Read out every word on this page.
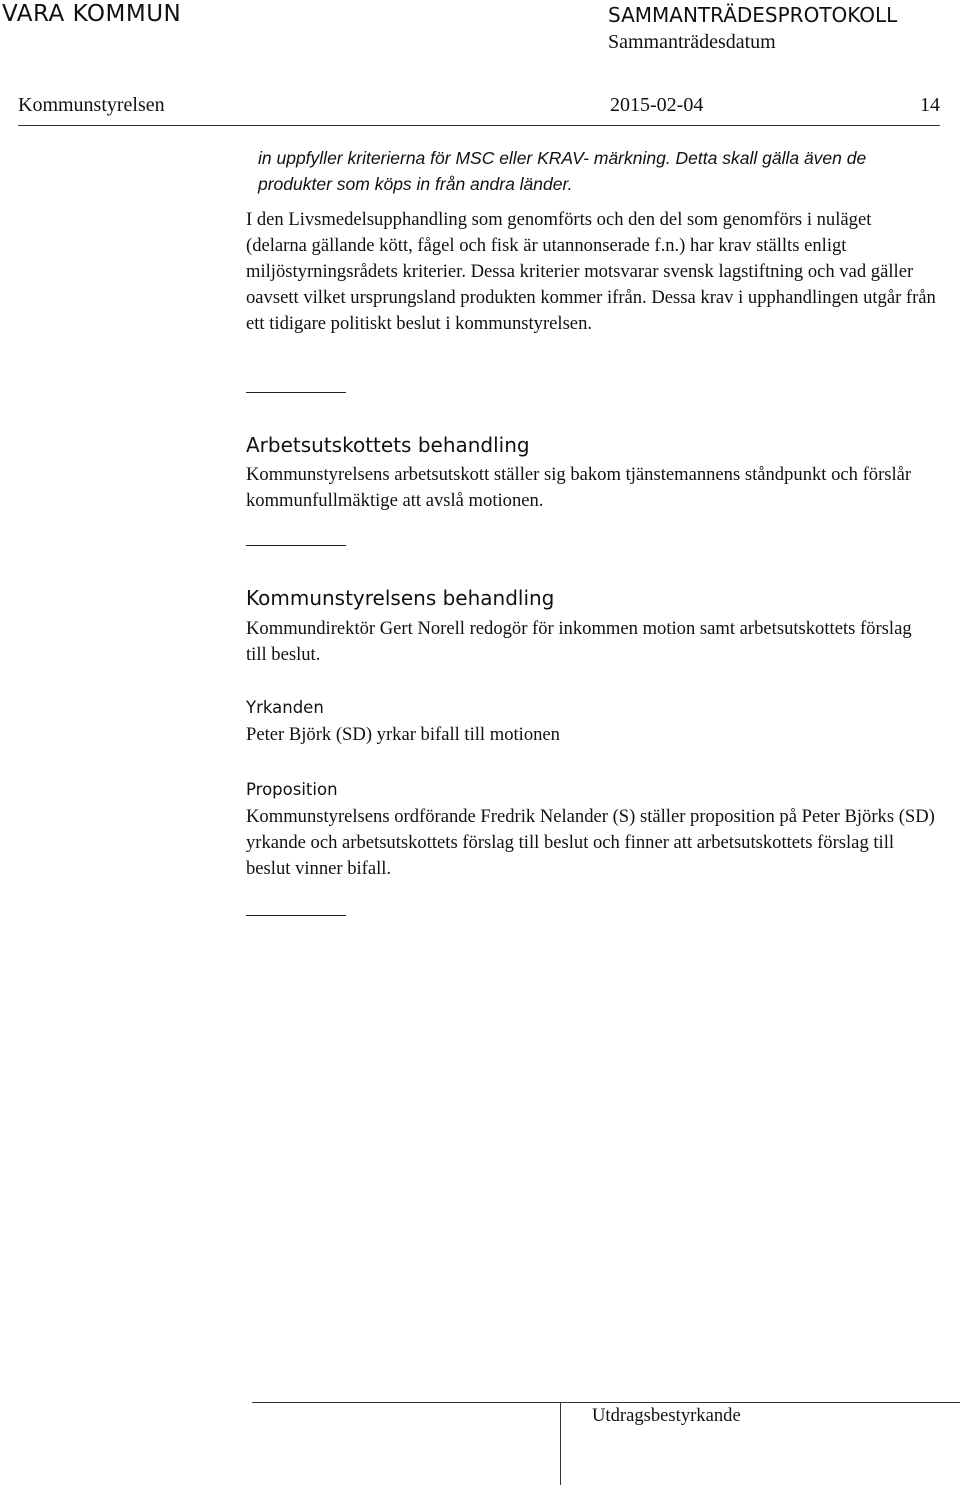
VARA KOMMUN	SAMMANTRÄDESPROTOKOLL
Sammanträdesdatum
Kommunstyrelsen	2015-02-04	14
in uppfyller kriterierna för MSC eller KRAV- märkning. Detta skall gälla även de produkter som köps in från andra länder.
I den Livsmedelsupphandling som genomförts och den del som genomförs i nuläget (delarna gällande kött, fågel och fisk är utannonserade f.n.) har krav ställts enligt miljöstyrningsrådets kriterier. Dessa kriterier motsvarar svensk lagstiftning och vad gäller oavsett vilket ursprungsland produkten kommer ifrån. Dessa krav i upphandlingen utgår från ett tidigare politiskt beslut i kommunstyrelsen.
Arbetsutskottets behandling
Kommunstyrelsens arbetsutskott ställer sig bakom tjänstemannens ståndpunkt och förslår kommunfullmäktige att avslå motionen.
Kommunstyrelsens behandling
Kommundirektör Gert Norell redogör för inkommen motion samt arbetsutskottets förslag till beslut.
Yrkanden
Peter Björk (SD) yrkar bifall till motionen
Proposition
Kommunstyrelsens ordförande Fredrik Nelander (S) ställer proposition på Peter Björks (SD) yrkande och arbetsutskottets förslag till beslut och finner att arbetsutskottets förslag till beslut vinner bifall.
Utdragsbestyrkande
